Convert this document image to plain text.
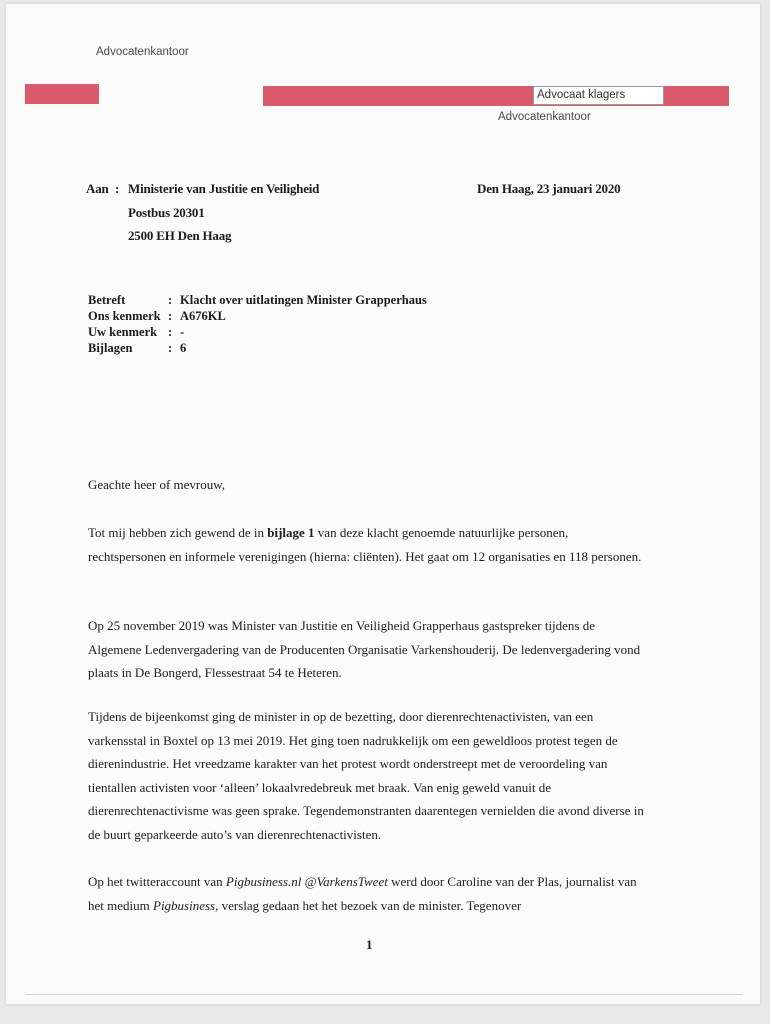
Advocatenkantoor
Advocaat klagers
Advocatenkantoor
Aan : Ministerie van Justitie en Veiligheid
Postbus 20301
2500 EH Den Haag
Den Haag, 23 januari 2020
Betreft	: Klacht over uitlatingen Minister Grapperhaus
Ons kenmerk : A676KL
Uw kenmerk : -
Bijlagen	: 6

Geachte heer of mevrouw,

Tot mij hebben zich gewend de in bijlage 1 van deze klacht genoemde natuurlijke personen, rechtspersonen en informele verenigingen (hierna: cliënten). Het gaat om 12 organisaties en 118 personen.

Op 25 november 2019 was Minister van Justitie en Veiligheid Grapperhaus gastspreker tijdens de Algemene Ledenvergadering van de Producenten Organisatie Varkenshouderij. De ledenvergadering vond plaats in De Bongerd, Flessestraat 54 te Heteren.

Tijdens de bijeenkomst ging de minister in op de bezetting, door dierenrechtenactivisten, van een varkensstal in Boxtel op 13 mei 2019. Het ging toen nadrukkelijk om een geweldloos protest tegen de dierenindustrie. Het vreedzame karakter van het protest wordt onderstreept met de veroordeling van tientallen activisten voor ‘alleen’ lokaalvredebreuk met braak. Van enig geweld vanuit de dierenrechtenactivisme was geen sprake. Tegendemonstranten daarentegen vernielden die avond diverse in de buurt geparkeerde auto’s van dierenrechtenactivisten.

Op het twitteraccount van Pigbusiness.nl @VarkensTweet werd door Caroline van der Plas, journalist van het medium Pigbusiness, verslag gedaan het het bezoek van de minister. Tegenover

1
